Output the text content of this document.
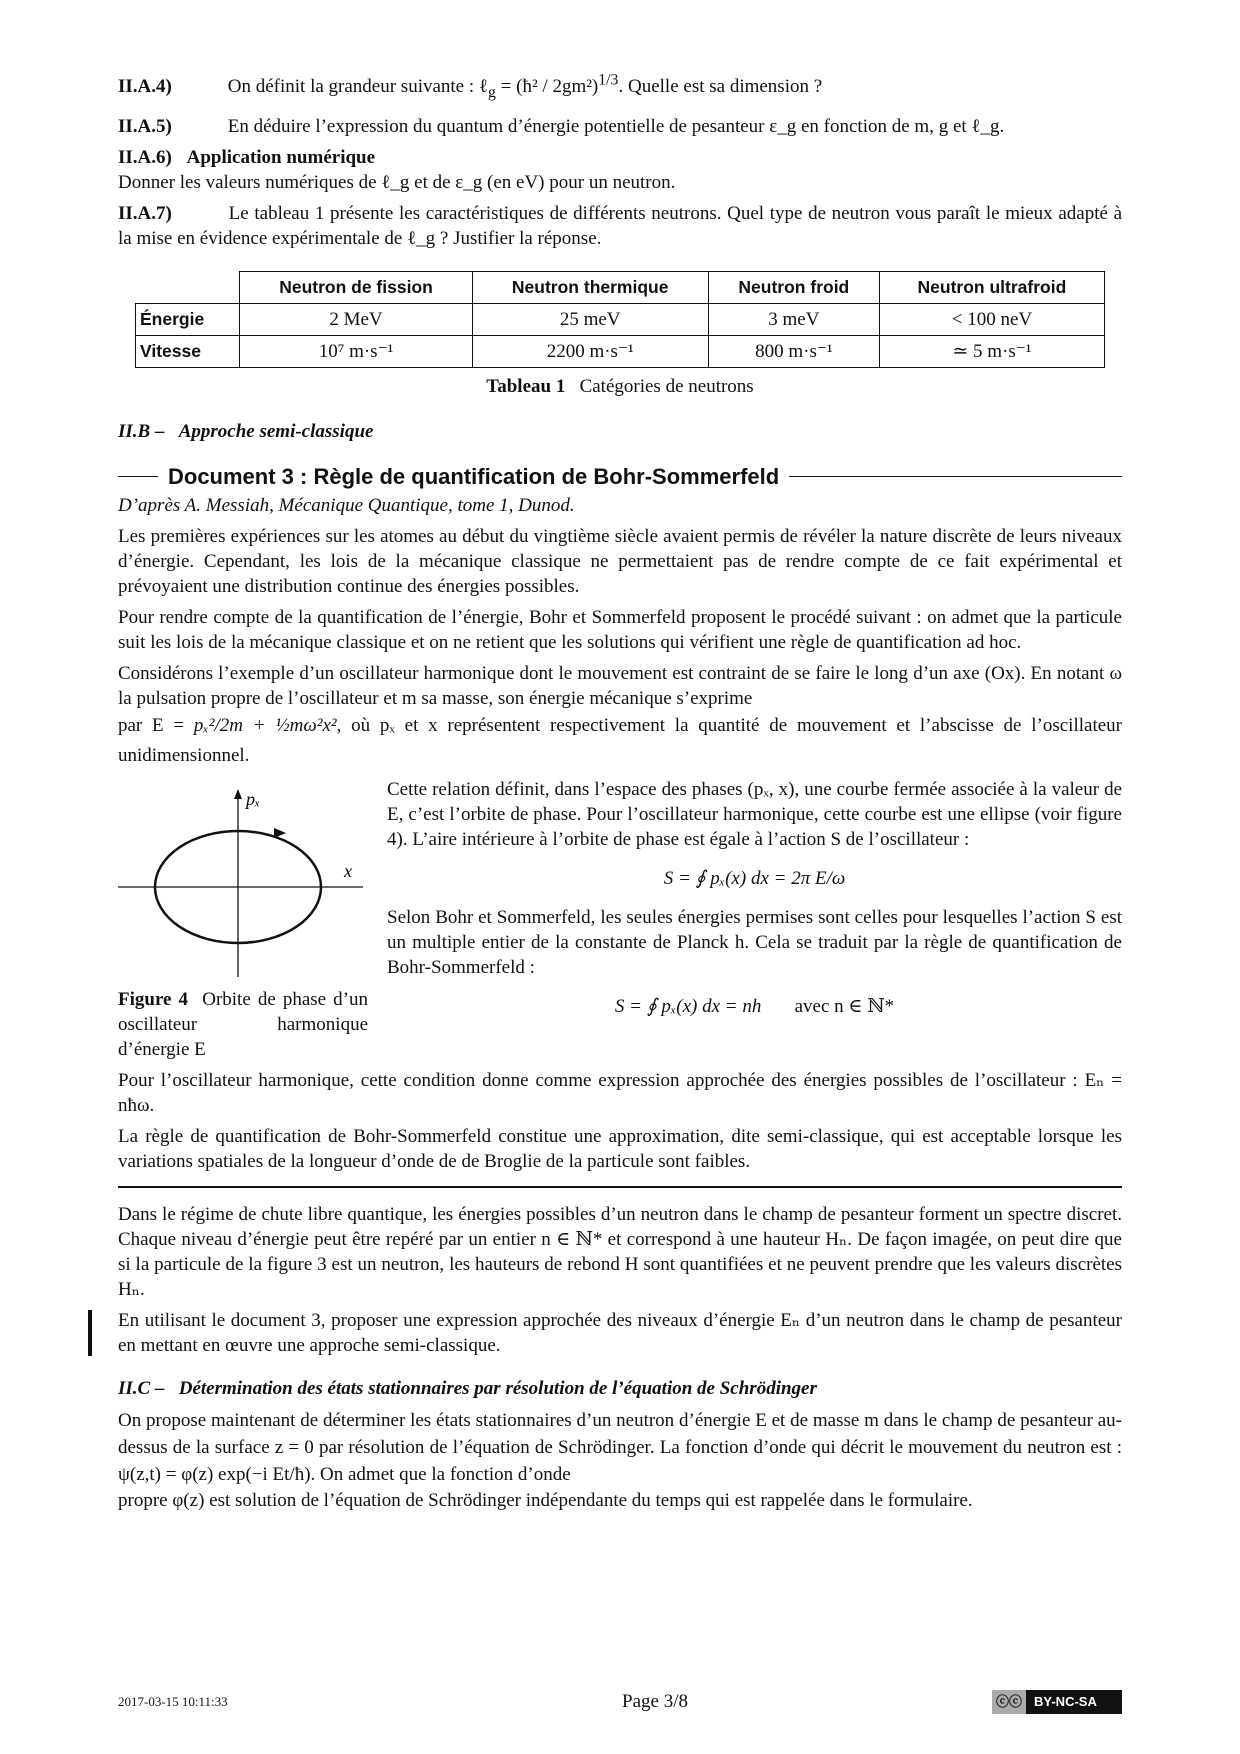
II.A.4)	On définit la grandeur suivante : ℓ$_g$ = (ħ² / 2gm²)$^{1/3}$. Quelle est sa dimension ?
II.A.5)	En déduire l’expression du quantum d’énergie potentielle de pesanteur ε_g en fonction de m, g et ℓ_g.
II.A.6) Application numérique
Donner les valeurs numériques de ℓ_g et de ε_g (en eV) pour un neutron.
II.A.7)	Le tableau 1 présente les caractéristiques de différents neutrons. Quel type de neutron vous paraît le mieux adapté à la mise en évidence expérimentale de ℓ_g ? Justifier la réponse.
	Neutron de fission	Neutron thermique	Neutron froid	Neutron ultrafroid
Énergie	2 MeV	25 meV	3 meV	< 100 neV
Vitesse	10⁷ m·s⁻¹	2200 m·s⁻¹	800 m·s⁻¹	≃ 5 m·s⁻¹
Tableau 1 Catégories de neutrons
II.B – Approche semi-classique
Document 3 : Règle de quantification de Bohr-Sommerfeld
D’après A. Messiah, Mécanique Quantique, tome 1, Dunod.
Les premières expériences sur les atomes au début du vingtième siècle avaient permis de révéler la nature discrète de leurs niveaux d’énergie. Cependant, les lois de la mécanique classique ne permettaient pas de rendre compte de ce fait expérimental et prévoyaient une distribution continue des énergies possibles.
Pour rendre compte de la quantification de l’énergie, Bohr et Sommerfeld proposent le procédé suivant : on admet que la particule suit les lois de la mécanique classique et on ne retient que les solutions qui vérifient une règle de quantification ad hoc.
Considérons l’exemple d’un oscillateur harmonique dont le mouvement est contraint de se faire le long d’un axe (Ox). En notant ω la pulsation propre de l’oscillateur et m sa masse, son énergie mécanique s’exprime
par E = pₓ²/2m + ½mω²x², où pₓ et x représentent respectivement la quantité de mouvement et l’abscisse de l’oscillateur unidimensionnel.
pₓ
x
Figure 4 Orbite de phase d’un oscillateur harmonique d’énergie E
Cette relation définit, dans l’espace des phases (pₓ, x), une courbe fermée associée à la valeur de E, c’est l’orbite de phase. Pour l’oscillateur harmonique, cette courbe est une ellipse (voir figure 4). L’aire intérieure à l’orbite de phase est égale à l’action S de l’oscillateur :
S = ∮ pₓ(x) dx = 2π E/ω
Selon Bohr et Sommerfeld, les seules énergies permises sont celles pour lesquelles l’action S est un multiple entier de la constante de Planck h. Cela se traduit par la règle de quantification de Bohr-Sommerfeld :
S = ∮ pₓ(x) dx = nh avec n ∈ ℕ*
Pour l’oscillateur harmonique, cette condition donne comme expression approchée des énergies possibles de l’oscillateur : Eₙ = nħω.
La règle de quantification de Bohr-Sommerfeld constitue une approximation, dite semi-classique, qui est acceptable lorsque les variations spatiales de la longueur d’onde de de Broglie de la particule sont faibles.
Dans le régime de chute libre quantique, les énergies possibles d’un neutron dans le champ de pesanteur forment un spectre discret. Chaque niveau d’énergie peut être repéré par un entier n ∈ ℕ* et correspond à une hauteur Hₙ. De façon imagée, on peut dire que si la particule de la figure 3 est un neutron, les hauteurs de rebond H sont quantifiées et ne peuvent prendre que les valeurs discrètes Hₙ.
En utilisant le document 3, proposer une expression approchée des niveaux d’énergie Eₙ d’un neutron dans le champ de pesanteur en mettant en œuvre une approche semi-classique.
II.C – Détermination des états stationnaires par résolution de l’équation de Schrödinger
On propose maintenant de déterminer les états stationnaires d’un neutron d’énergie E et de masse m dans le champ de pesanteur au-dessus de la surface z = 0 par résolution de l’équation de Schrödinger. La fonction d’onde qui décrit le mouvement du neutron est : ψ(z,t) = φ(z) exp(−i Et/ħ). On admet que la fonction d’onde
propre φ(z) est solution de l’équation de Schrödinger indépendante du temps qui est rappelée dans le formulaire.
2017-03-15 10:11:33	Page 3/8	ⓒⓒ BY-NC-SA
